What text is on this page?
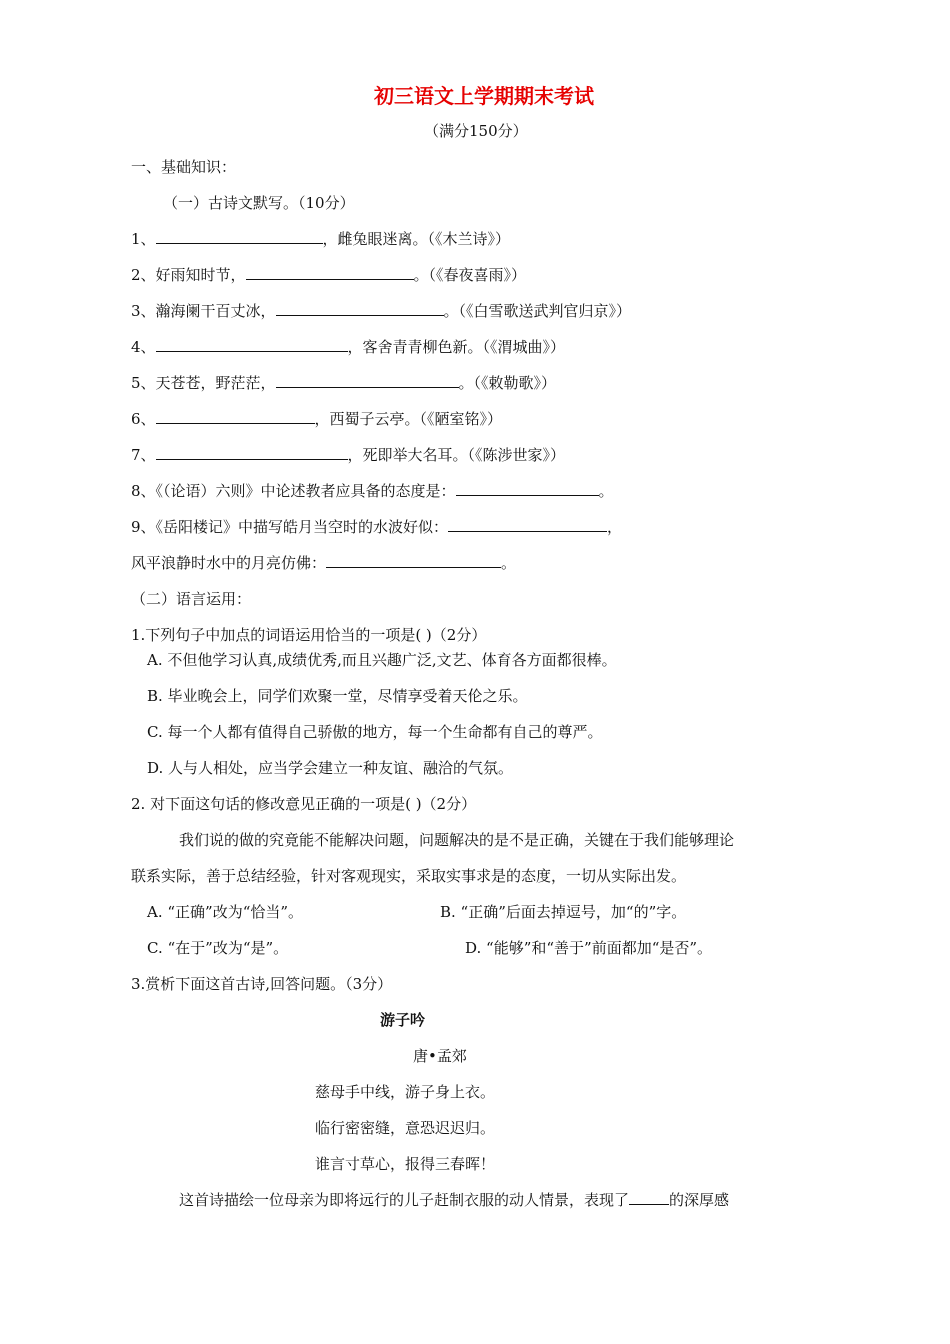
初三语文上学期期末考试
（满分150分）
一、基础知识：
（一）古诗文默写。（10分）
1、	，雌兔眼迷离。（《木兰诗》）
2、好雨知时节，	。（《春夜喜雨》）
3、瀚海阑干百丈冰，	。（《白雪歌送武判官归京》）
4、	，客舍青青柳色新。（《渭城曲》）
5、天苍苍，野茫茫，	。（《敕勒歌》）
6、	，西蜀子云亭。（《陋室铭》）
7、	，死即举大名耳。（《陈涉世家》）
8、《（论语）六则》中论述教者应具备的态度是：	。
9、《岳阳楼记》中描写皓月当空时的水波好似：	，
风平浪静时水中的月亮仿佛：	。
（二）语言运用：
1.下列句子中加点的词语运用恰当的一项是( )（2分）
A. 不但他学习认真,成绩优秀,而且兴趣广泛,文艺、体育各方面都很棒。
B. 毕业晚会上，同学们欢聚一堂，尽情享受着天伦之乐。
C. 每一个人都有值得自己骄傲的地方，每一个生命都有自己的尊严。
D. 人与人相处，应当学会建立一种友谊、融洽的气氛。
2. 对下面这句话的修改意见正确的一项是( )（2分）
我们说的做的究竟能不能解决问题，问题解决的是不是正确，关键在于我们能够理论
联系实际，善于总结经验，针对客观现实，采取实事求是的态度，一切从实际出发。
A. “正确”改为“恰当”。	B. “正确”后面去掉逗号，加“的”字。
C. “在于”改为“是”。	D. “能够”和“善于”前面都加“是否”。
3.赏析下面这首古诗,回答问题。（3分）
游子吟
唐•孟郊
慈母手中线，游子身上衣。
临行密密缝，意恐迟迟归。
谁言寸草心，报得三春晖！
这首诗描绘一位母亲为即将远行的儿子赶制衣服的动人情景，表现了	的深厚感
